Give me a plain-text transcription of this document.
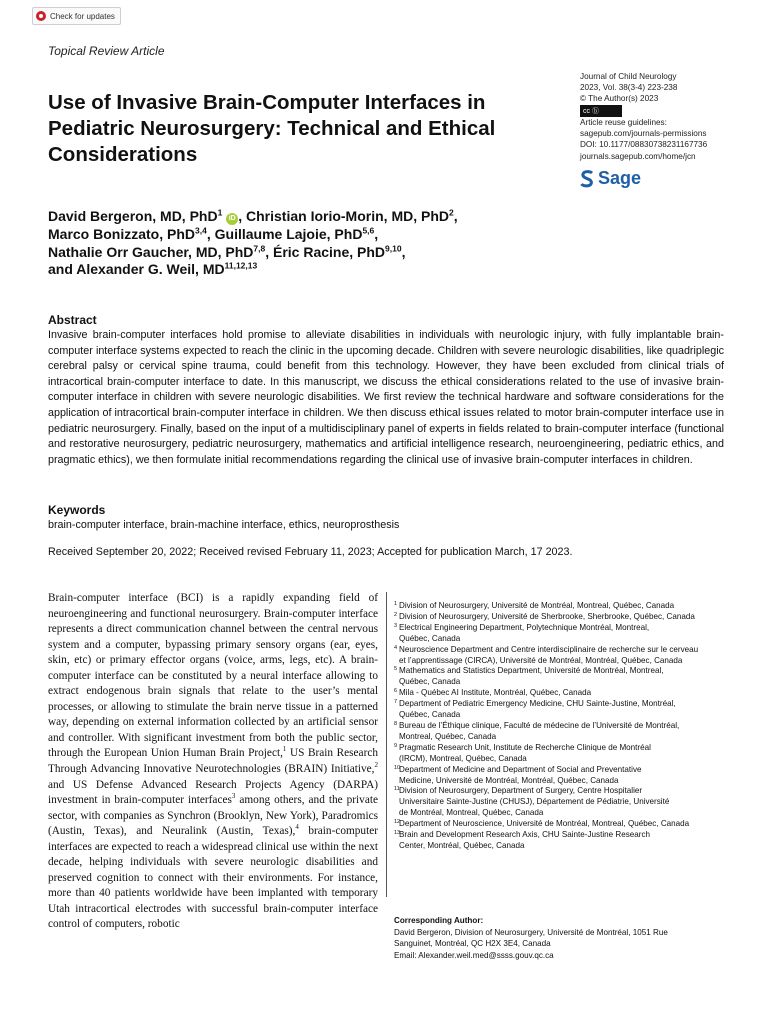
Check for updates
Topical Review Article
Journal of Child Neurology
2023, Vol. 38(3-4) 223-238
© The Author(s) 2023
cc ⓑ
Article reuse guidelines:
sagepub.com/journals-permissions
DOI: 10.1177/08830738231167736
journals.sagepub.com/home/jcn
Sage
Use of Invasive Brain-Computer Interfaces in Pediatric Neurosurgery: Technical and Ethical Considerations
David Bergeron, MD, PhD$^1$ iD , Christian Iorio-Morin, MD, PhD$^2$,
Marco Bonizzato, PhD$^{3,4}$, Guillaume Lajoie, PhD$^{5,6}$,
Nathalie Orr Gaucher, MD, PhD$^{7,8}$, Éric Racine, PhD$^{9,10}$,
and Alexander G. Weil, MD$^{11,12,13}$
Abstract
Invasive brain-computer interfaces hold promise to alleviate disabilities in individuals with neurologic injury, with fully implantable brain-computer interface systems expected to reach the clinic in the upcoming decade. Children with severe neurologic disabilities, like quadriplegic cerebral palsy or cervical spine trauma, could benefit from this technology. However, they have been excluded from clinical trials of intracortical brain-computer interface to date. In this manuscript, we discuss the ethical considerations related to the use of invasive brain-computer interface in children with severe neurologic disabilities. We first review the technical hardware and software considerations for the application of intracortical brain-computer interface in children. We then discuss ethical issues related to motor brain-computer interface use in pediatric neurosurgery. Finally, based on the input of a multidisciplinary panel of experts in fields related to brain-computer interface (functional and restorative neurosurgery, pediatric neurosurgery, mathematics and artificial intelligence research, neuroengineering, pediatric ethics, and pragmatic ethics), we then formulate initial recommendations regarding the clinical use of invasive brain-computer interfaces in children.
Keywords
brain-computer interface, brain-machine interface, ethics, neuroprosthesis
Received September 20, 2022; Received revised February 11, 2023; Accepted for publication March, 17 2023.
Brain-computer interface (BCI) is a rapidly expanding field of neuroengineering and functional neurosurgery. Brain-computer interface represents a direct communication channel between the central nervous system and a computer, bypassing primary sensory organs (ear, eyes, skin, etc) or primary effector organs (voice, arms, legs, etc). A brain-computer interface can be constituted by a neural interface allowing to extract endogenous brain signals that relate to the user’s mental processes, or allowing to stimulate the brain nerve tissue in a patterned way, depending on external information collected by an artificial sensor and controller. With significant investment from both the public sector, through the European Union Human Brain Project,$^1$ US Brain Research Through Advancing Innovative Neurotechnologies (BRAIN) Initiative,$^2$ and US Defense Advanced Research Projects Agency (DARPA) investment in brain-computer interfaces$^3$ among others, and the private sector, with companies as Synchron (Brooklyn, New York), Paradromics (Austin, Texas), and Neuralink (Austin, Texas),$^4$ brain-computer interfaces are expected to reach a widespread clinical use within the next decade, helping individuals with severe neurologic disabilities and preserved cognition to connect with their environments. For instance, more than 40 patients worldwide have been implanted with temporary Utah intracortical electrodes with successful brain-computer interface control of computers, robotic
1 Division of Neurosurgery, Université de Montréal, Montreal, Québec, Canada
2 Division of Neurosurgery, Université de Sherbrooke, Sherbrooke, Québec, Canada
3 Electrical Engineering Department, Polytechnique Montréal, Montreal,
Québec, Canada
4 Neuroscience Department and Centre interdisciplinaire de recherche sur le cerveau
et l’apprentissage (CIRCA), Université de Montréal, Montréal, Québec, Canada
5 Mathematics and Statistics Department, Université de Montréal, Montreal,
Québec, Canada
6 Mila - Québec AI Institute, Montréal, Québec, Canada
7 Department of Pediatric Emergency Medicine, CHU Sainte-Justine, Montréal,
Québec, Canada
8 Bureau de l’Éthique clinique, Faculté de médecine de l’Université de Montréal,
Montreal, Québec, Canada
9 Pragmatic Research Unit, Institute de Recherche Clinique de Montréal
(IRCM), Montreal, Québec, Canada
10
Department of Medicine and Department of Social and Preventative
Medicine, Université de Montréal, Montréal, Québec, Canada
11 Division of Neurosurgery, Department of Surgery, Centre Hospitalier
Universitaire Sainte-Justine (CHUSJ), Département de Pédiatrie, Université
de Montréal, Montreal, Québec, Canada
12
Department of Neuroscience, Université de Montréal, Montreal, Québec, Canada
13
Brain and Development Research Axis, CHU Sainte-Justine Research
Center, Montréal, Québec, Canada
Corresponding Author:
David Bergeron, Division of Neurosurgery, Université de Montréal, 1051 Rue
Sanguinet, Montréal, QC H2X 3E4, Canada
Email: Alexander.weil.med@ssss.gouv.qc.ca
